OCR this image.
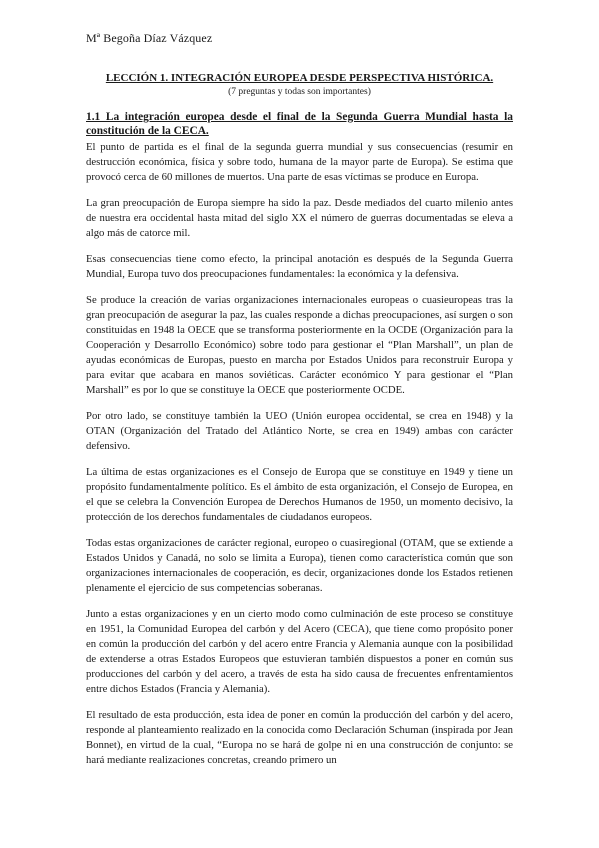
Mª Begoña Díaz Vázquez
LECCIÓN 1. INTEGRACIÓN EUROPEA DESDE PERSPECTIVA HISTÓRICA.
(7 preguntas y todas son importantes)
1.1 La integración europea desde el final de la Segunda Guerra Mundial hasta la constitución de la CECA.

El punto de partida es el final de la segunda guerra mundial y sus consecuencias (resumir en destrucción económica, física y sobre todo, humana de la mayor parte de Europa). Se estima que provocó cerca de 60 millones de muertos. Una parte de esas víctimas se produce en Europa.

La gran preocupación de Europa siempre ha sido la paz. Desde mediados del cuarto milenio antes de nuestra era occidental hasta mitad del siglo XX el número de guerras documentadas se eleva a algo más de catorce mil.

Esas consecuencias tiene como efecto, la principal anotación es después de la Segunda Guerra Mundial, Europa tuvo dos preocupaciones fundamentales: la económica y la defensiva.

Se produce la creación de varias organizaciones internacionales europeas o cuasieuropeas tras la gran preocupación de asegurar la paz, las cuales responde a dichas preocupaciones, así surgen o son constituidas en 1948 la OECE que se transforma posteriormente en la OCDE (Organización para la Cooperación y Desarrollo Económico) sobre todo para gestionar el “Plan Marshall”, un plan de ayudas económicas de Europas, puesto en marcha por Estados Unidos para reconstruir Europa y para evitar que acabara en manos soviéticas. Carácter económico Y para gestionar el “Plan Marshall” es por lo que se constituye la OECE que posteriormente OCDE.

Por otro lado, se constituye también la UEO (Unión europea occidental, se crea en 1948) y la OTAN (Organización del Tratado del Atlántico Norte, se crea en 1949) ambas con carácter defensivo.

La última de estas organizaciones es el Consejo de Europa que se constituye en 1949 y tiene un propósito fundamentalmente político. Es el ámbito de esta organización, el Consejo de Europea, en el que se celebra la Convención Europea de Derechos Humanos de 1950, un momento decisivo, la protección de los derechos fundamentales de ciudadanos europeos.

Todas estas organizaciones de carácter regional, europeo o cuasiregional (OTAM, que se extiende a Estados Unidos y Canadá, no solo se limita a Europa), tienen como característica común que son organizaciones internacionales de cooperación, es decir, organizaciones donde los Estados retienen plenamente el ejercicio de sus competencias soberanas.

Junto a estas organizaciones y en un cierto modo como culminación de este proceso se constituye en 1951, la Comunidad Europea del carbón y del Acero (CECA), que tiene como propósito poner en común la producción del carbón y del acero entre Francia y Alemania aunque con la posibilidad de extenderse a otras Estados Europeos que estuvieran también dispuestos a poner en común sus producciones del carbón y del acero, a través de esta ha sido causa de frecuentes enfrentamientos entre dichos Estados (Francia y Alemania).

El resultado de esta producción, esta idea de poner en común la producción del carbón y del acero, responde al planteamiento realizado en la conocida como Declaración Schuman (inspirada por Jean Bonnet), en virtud de la cual, “Europa no se hará de golpe ni en una construcción de conjunto: se hará mediante realizaciones concretas, creando primero un
